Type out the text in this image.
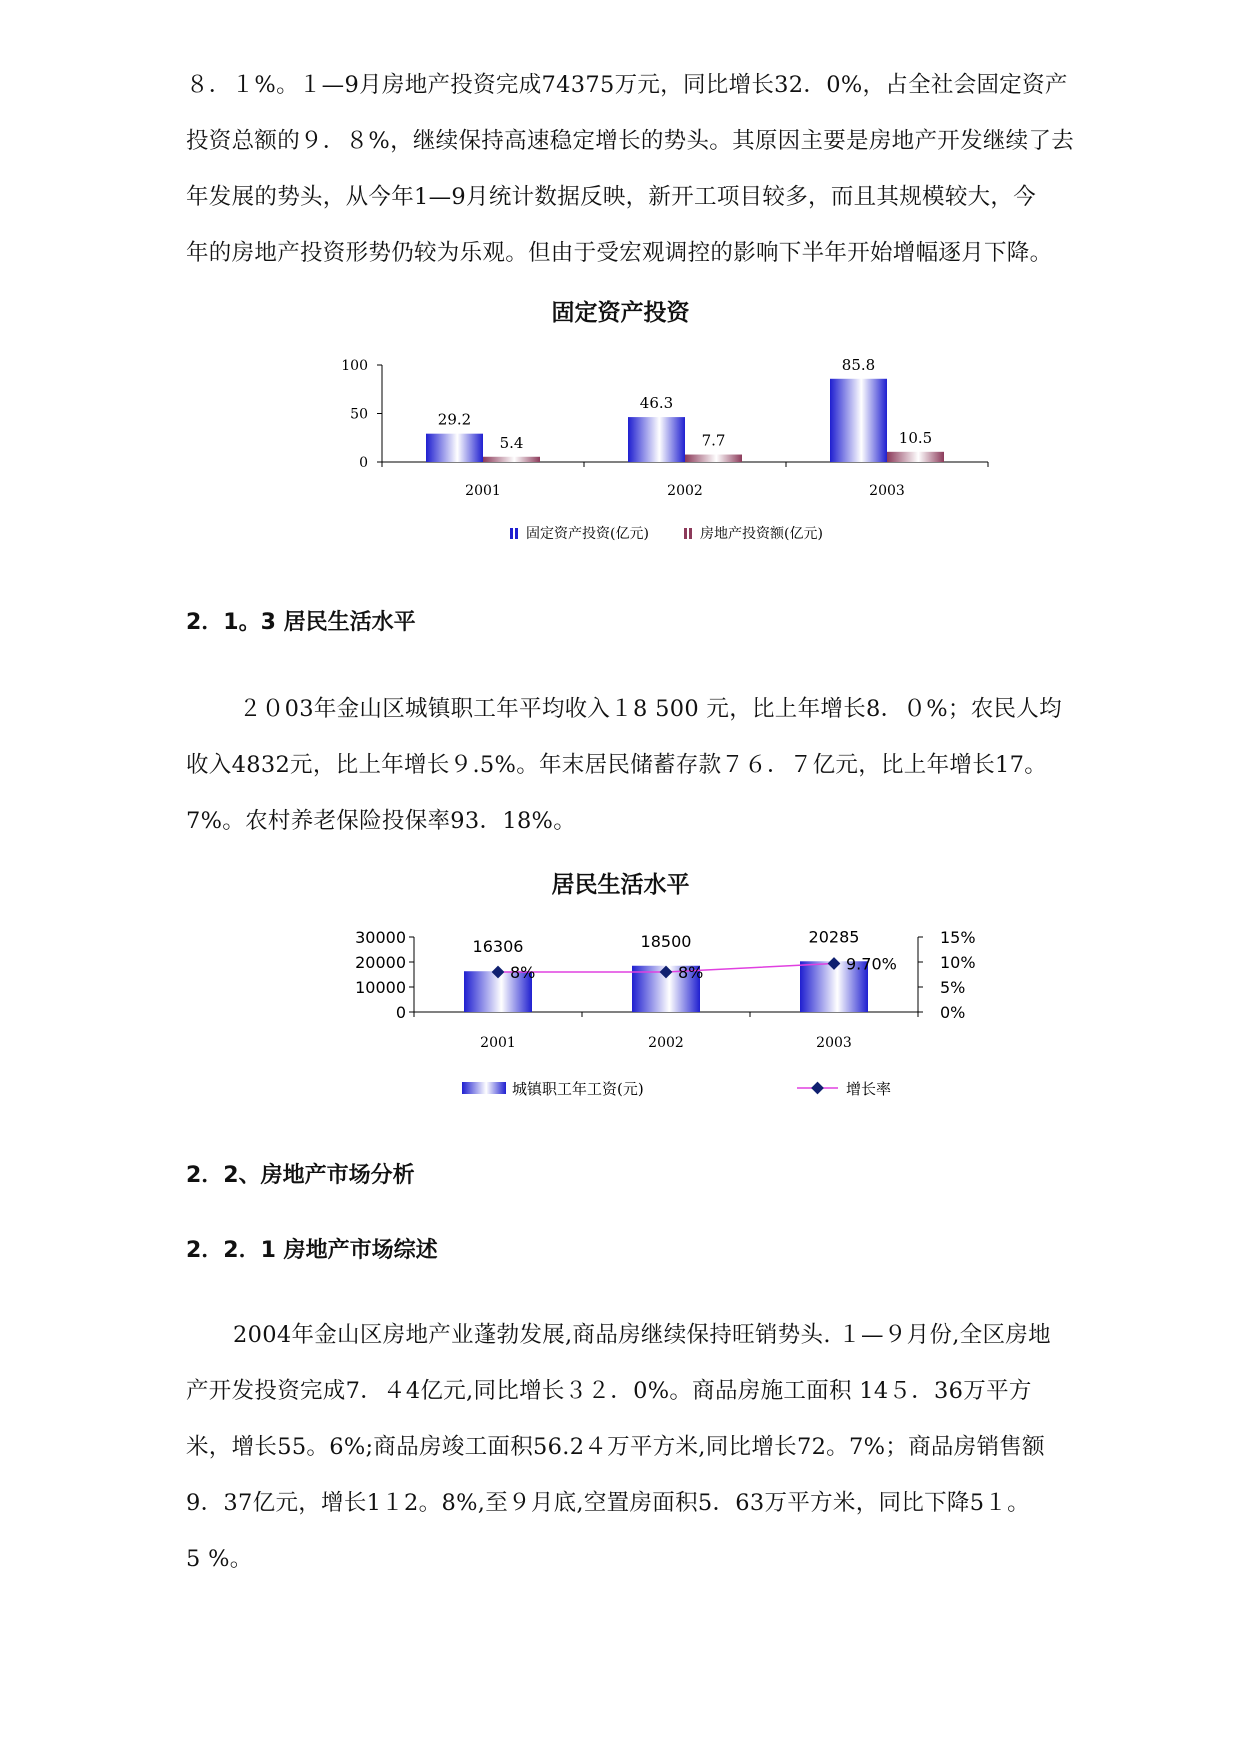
８．１%。１—9月房地产投资完成74375万元，同比增长32．0%，占全社会固定资产
投资总额的９．８%，继续保持高速稳定增长的势头。其原因主要是房地产开发继续了去
年发展的势头，从今年1—9月统计数据反映，新开工项目较多，而且其规模较大，今
年的房地产投资形势仍较为乐观。但由于受宏观调控的影响下半年开始增幅逐月下降。
固定资产投资
0
50
100
2001	2002	2003
29.2
5.4
46.3
7.7
85.8
10.5
固定资产投资(亿元)	房地产投资额(亿元)
2．1。3 居民生活水平
２０03年金山区城镇职工年平均收入１8 500 元，比上年增长8．０%；农民人均
收入4832元，比上年增长９.5%。年末居民储蓄存款７６．７亿元，比上年增长17。
7%。农村养老保险投保率93．18%。
居民生活水平
0
10000
20000
30000
0%
5%
10%
15%
2001	2002	2003
16306	18500	20285
8%	8%	9.70%
城镇职工年工资(元)	增长率
2．2、房地产市场分析
2．2．1 房地产市场综述
2004年金山区房地产业蓬勃发展,商品房继续保持旺销势头. １—９月份,全区房地
产开发投资完成7．４4亿元,同比增长３２．0%。商品房施工面积 14５．36万平方
米，增长55。6%;商品房竣工面积56.2４万平方米,同比增长72。7%；商品房销售额
9．37亿元，增长1１2。8%,至９月底,空置房面积5．63万平方米，同比下降5１。
5 %。
